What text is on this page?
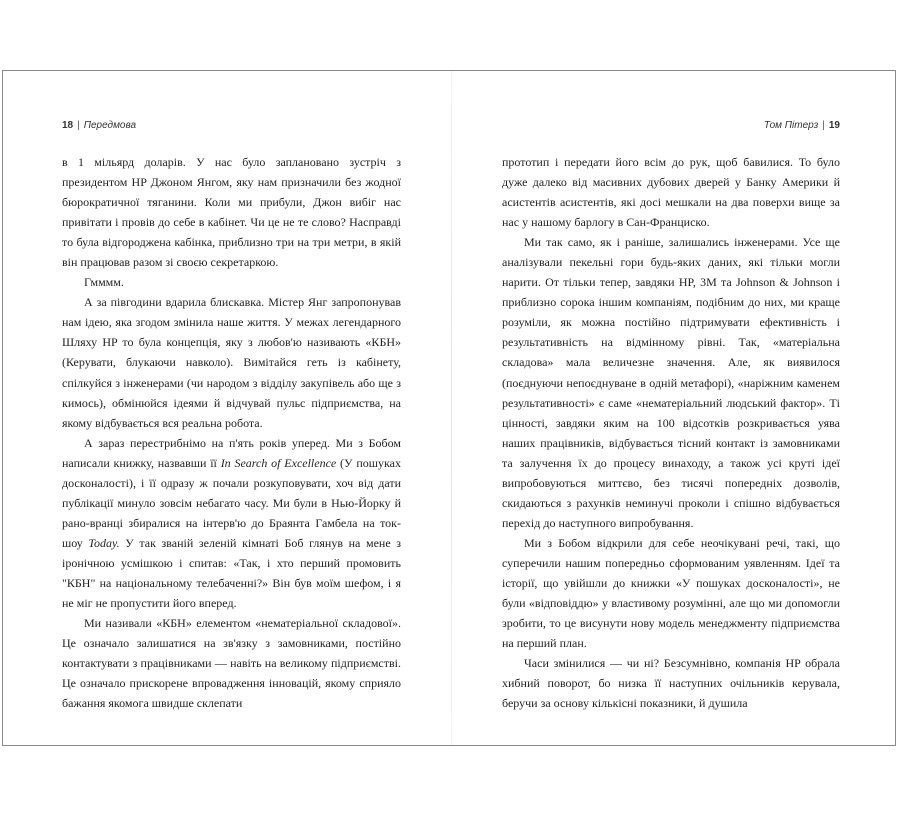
18 | Передмова

в 1 мільярд доларів. У нас було заплановано зустріч з президентом HP Джоном Янгом, яку нам призначили без жодної бюрократичної тяганини. Коли ми прибули, Джон вибіг нас привітати і провів до себе в кабінет. Чи це не те слово? Насправді то була відгороджена кабінка, приблизно три на три метри, в якій він працював разом зі своєю секретаркою.

Гмммм.

А за півгодини вдарила блискавка. Містер Янг запропонував нам ідею, яка згодом змінила наше життя. У межах легендарного Шляху HP то була концепція, яку з любов'ю називають «КБН» (Керувати, блукаючи навколо). Вимітайся геть із кабінету, спілкуйся з інженерами (чи народом з відділу закупівель або ще з кимось), обмінюйся ідеями й відчувай пульс підприємства, на якому відбувається вся реальна робота.

А зараз перестрибнімо на п'ять років уперед. Ми з Бобом написали книжку, назвавши її In Search of Excellence (У пошуках досконалості), і її одразу ж почали розкуповувати, хоч від дати публікації минуло зовсім небагато часу. Ми були в Нью-Йорку й рано-вранці збиралися на інтерв'ю до Браянта Гамбела на ток-шоу Today. У так званій зеленій кімнаті Боб глянув на мене з іронічною усмішкою і спитав: «Так, і хто перший промовить "КБН" на національному телебаченні?» Він був моїм шефом, і я не міг не пропустити його вперед.

Ми називали «КБН» елементом «нематеріальної складової». Це означало залишатися на зв'язку з замовниками, постійно контактувати з працівниками — навіть на великому підприємстві. Це означало прискорене впровадження інновацій, якому сприяло бажання якомога швидше склепати

Том Пітерз | 19

прототип і передати його всім до рук, щоб бавилися. То було дуже далеко від масивних дубових дверей у Банку Америки й асистентів асистентів, які досі мешкали на два поверхи вище за нас у нашому барлогу в Сан-Франциско.

Ми так само, як і раніше, залишались інженерами. Усе ще аналізували пекельні гори будь-яких даних, які тільки могли нарити. От тільки тепер, завдяки HP, 3M та Johnson & Johnson і приблизно сорока іншим компаніям, подібним до них, ми краще розуміли, як можна постійно підтримувати ефективність і результативність на відмінному рівні. Так, «матеріальна складова» мала величезне значення. Але, як виявилося (поєднуючи непоєднуване в одній метафорі), «наріжним каменем результативності» є саме «нематеріальний людський фактор». Ті цінності, завдяки яким на 100 відсотків розкривається уява наших працівників, відбувається тісний контакт із замовниками та залучення їх до процесу винаходу, а також усі круті ідеї випробовуються миттєво, без тисячі попередніх дозволів, скидаються з рахунків неминучі проколи і спішно відбувається перехід до наступного випробування.

Ми з Бобом відкрили для себе неочікувані речі, такі, що суперечили нашим попередньо сформованим уявленням. Ідеї та історії, що увійшли до книжки «У пошуках досконалості», не були «відповіддю» у властивому розумінні, але що ми допомогли зробити, то це висунути нову модель менеджменту підприємства на перший план.

Часи змінилися — чи ні? Безсумнівно, компанія HP обрала хибний поворот, бо низка її наступних очільників керувала, беручи за основу кількісні показники, й душила
